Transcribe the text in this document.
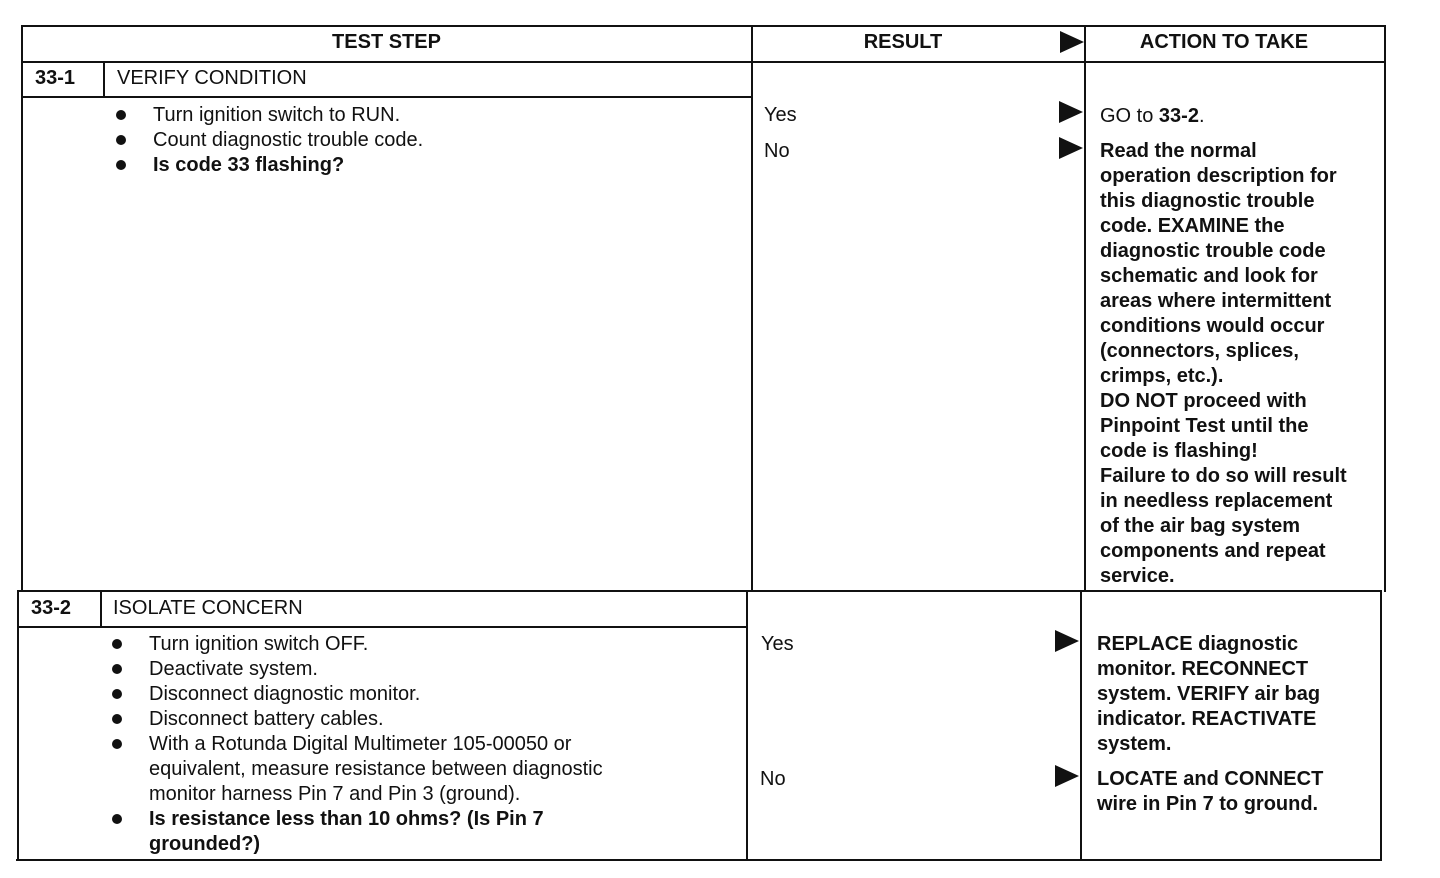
TEST STEP	RESULT	ACTION TO TAKE
33-1 VERIFY CONDITION
Turn ignition switch to RUN.
Count diagnostic trouble code.
Is code 33 flashing?
Yes	GO to 33-2.
No	Read the normal
operation description for
this diagnostic trouble
code. EXAMINE the
diagnostic trouble code
schematic and look for
areas where intermittent
conditions would occur
(connectors, splices,
crimps, etc.).
DO NOT proceed with
Pinpoint Test until the
code is flashing!
Failure to do so will result
in needless replacement
of the air bag system
components and repeat
service.
33-2 ISOLATE CONCERN
Turn ignition switch OFF.
Deactivate system.
Disconnect diagnostic monitor.
Disconnect battery cables.
With a Rotunda Digital Multimeter 105-00050 or
equivalent, measure resistance between diagnostic
monitor harness Pin 7 and Pin 3 (ground).
Is resistance less than 10 ohms? (Is Pin 7
grounded?)
Yes	REPLACE diagnostic
monitor. RECONNECT
system. VERIFY air bag
indicator. REACTIVATE
system.
No	LOCATE and CONNECT
wire in Pin 7 to ground.
